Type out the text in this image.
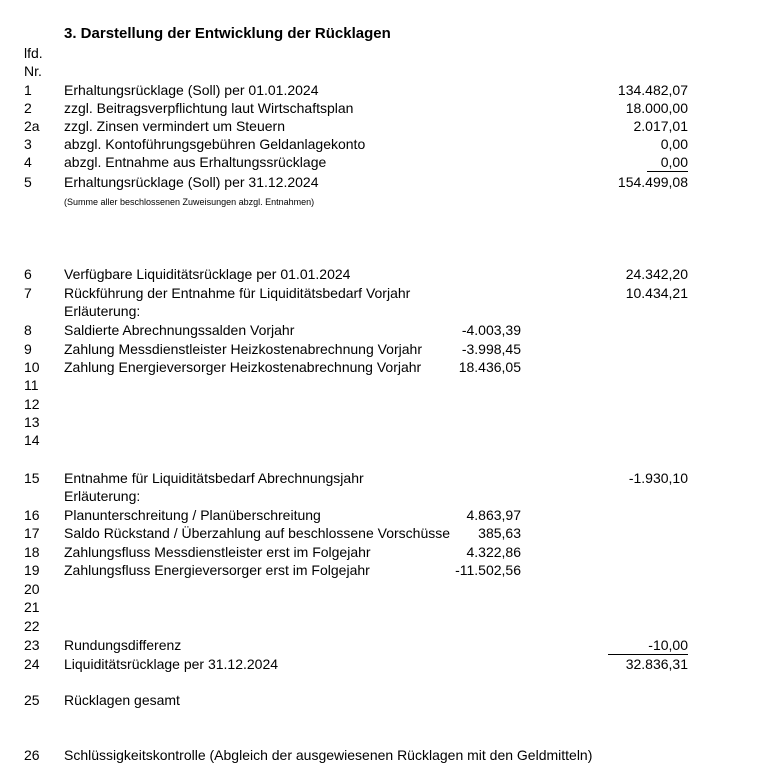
3. Darstellung der Entwicklung der Rücklagen
lfd.
Nr.
1 Erhaltungsrücklage (Soll) per 01.01.2024	134.482,07
2 zzgl. Beitragsverpflichtung laut Wirtschaftsplan	18.000,00
2a zzgl. Zinsen vermindert um Steuern	2.017,01
3 abzgl. Kontoführungsgebühren Geldanlagekonto	0,00
4 abzgl. Entnahme aus Erhaltungssrücklage	0,00
5 Erhaltungsrücklage (Soll) per 31.12.2024	154.499,08
(Summe aller beschlossenen Zuweisungen abzgl. Entnahmen)
6 Verfügbare Liquiditätsrücklage per 01.01.2024	24.342,20
7 Rückführung der Entnahme für Liquiditätsbedarf Vorjahr	10.434,21
Erläuterung:
8 Saldierte Abrechnungssalden Vorjahr	-4.003,39
9 Zahlung Messdienstleister Heizkostenabrechnung Vorjahr	-3.998,45
10 Zahlung Energieversorger Heizkostenabrechnung Vorjahr	18.436,05
11
12
13
14
15 Entnahme für Liquiditätsbedarf Abrechnungsjahr	-1.930,10
Erläuterung:
16 Planunterschreitung / Planüberschreitung	4.863,97
17 Saldo Rückstand / Überzahlung auf beschlossene Vorschüsse 385,63
18 Zahlungsfluss Messdienstleister erst im Folgejahr	4.322,86
19 Zahlungsfluss Energieversorger erst im Folgejahr	-11.502,56
20
21
22
23 Rundungsdifferenz	-10,00
24 Liquiditätsrücklage per 31.12.2024	32.836,31
25 Rücklagen gesamt
26 Schlüssigkeitskontrolle (Abgleich der ausgewiesenen Rücklagen mit den Geldmitteln)
